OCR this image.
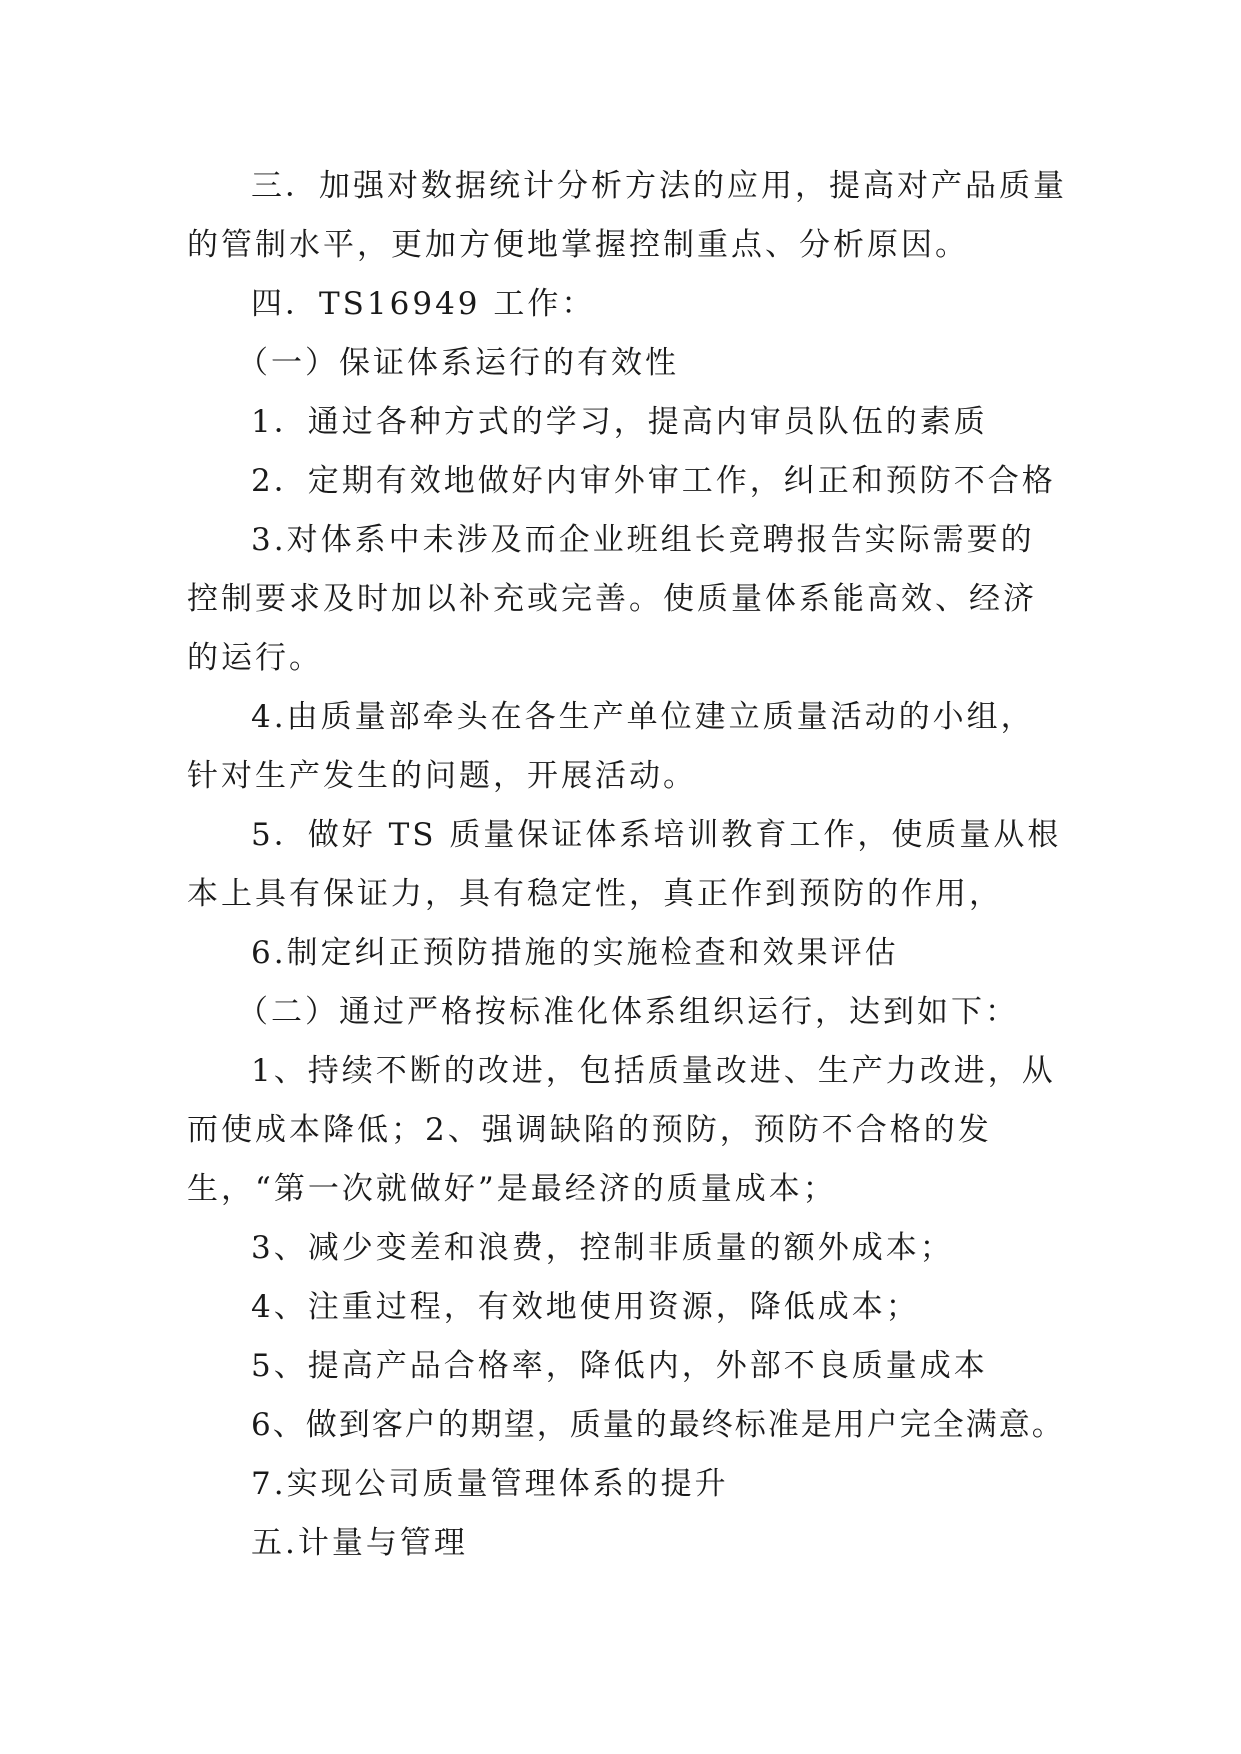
三．加强对数据统计分析方法的应用，提高对产品质量的管制水平，更加方便地掌握控制重点、分析原因。

四．TS16949 工作：

（一）保证体系运行的有效性

1．通过各种方式的学习，提高内审员队伍的素质

2．定期有效地做好内审外审工作，纠正和预防不合格

3.对体系中未涉及而企业班组长竞聘报告实际需要的控制要求及时加以补充或完善。使质量体系能高效、经济的运行。

4.由质量部牵头在各生产单位建立质量活动的小组，针对生产发生的问题，开展活动。

5．做好 TS 质量保证体系培训教育工作，使质量从根本上具有保证力，具有稳定性，真正作到预防的作用，

6.制定纠正预防措施的实施检查和效果评估

（二）通过严格按标准化体系组织运行，达到如下：

1、持续不断的改进，包括质量改进、生产力改进，从而使成本降低；2、强调缺陷的预防，预防不合格的发生，“第一次就做好”是最经济的质量成本；

3、减少变差和浪费，控制非质量的额外成本；

4、注重过程，有效地使用资源，降低成本；

5、提高产品合格率，降低内，外部不良质量成本

6、做到客户的期望，质量的最终标准是用户完全满意。

7.实现公司质量管理体系的提升

五.计量与管理
